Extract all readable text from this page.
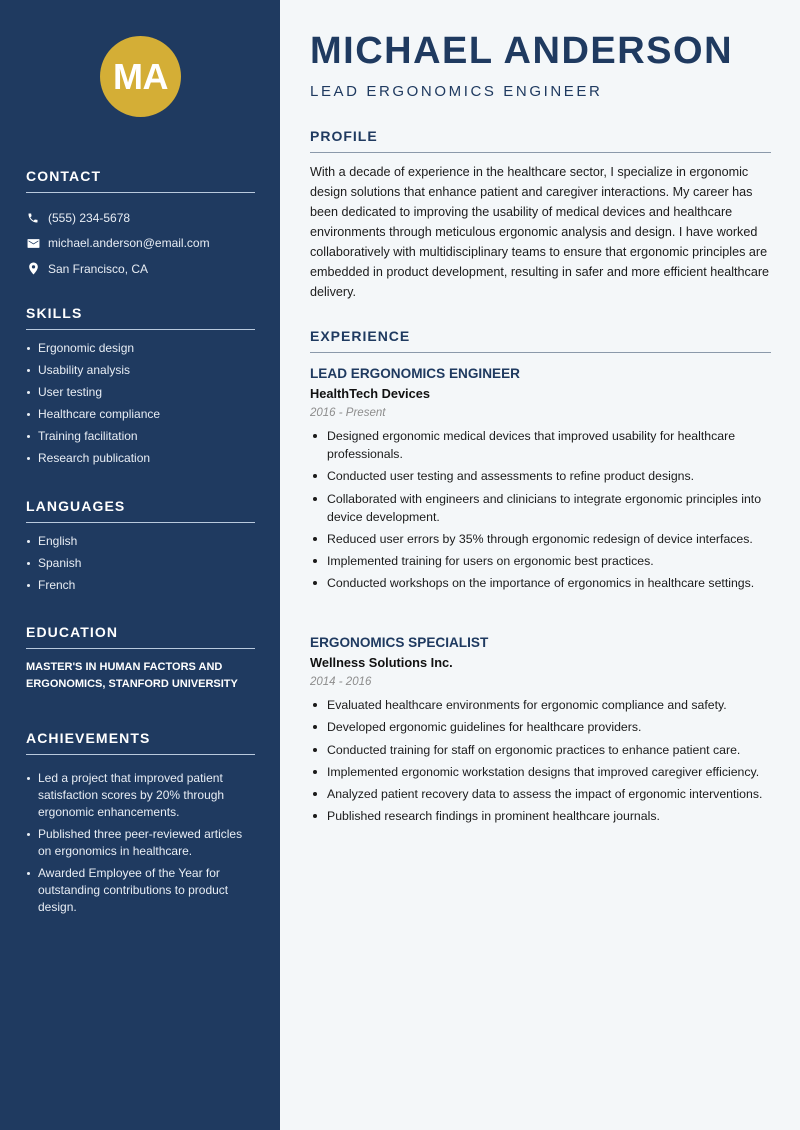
MA
CONTACT
(555) 234-5678
michael.anderson@email.com
San Francisco, CA
SKILLS
Ergonomic design
Usability analysis
User testing
Healthcare compliance
Training facilitation
Research publication
LANGUAGES
English
Spanish
French
EDUCATION

MASTER'S IN HUMAN FACTORS AND ERGONOMICS, STANFORD UNIVERSITY

ACHIEVEMENTS
Led a project that improved patient satisfaction scores by 20% through ergonomic enhancements.
Published three peer-reviewed articles on ergonomics in healthcare.
Awarded Employee of the Year for outstanding contributions to product design.
MICHAEL ANDERSON
LEAD ERGONOMICS ENGINEER
PROFILE

With a decade of experience in the healthcare sector, I specialize in ergonomic design solutions that enhance patient and caregiver interactions. My career has been dedicated to improving the usability of medical devices and healthcare environments through meticulous ergonomic analysis and design. I have worked collaboratively with multidisciplinary teams to ensure that ergonomic principles are embedded in product development, resulting in safer and more efficient healthcare delivery.

EXPERIENCE
LEAD ERGONOMICS ENGINEER
HealthTech Devices
2016 - Present
Designed ergonomic medical devices that improved usability for healthcare professionals.
Conducted user testing and assessments to refine product designs.
Collaborated with engineers and clinicians to integrate ergonomic principles into device development.
Reduced user errors by 35% through ergonomic redesign of device interfaces.
Implemented training for users on ergonomic best practices.
Conducted workshops on the importance of ergonomics in healthcare settings.
ERGONOMICS SPECIALIST
Wellness Solutions Inc.
2014 - 2016
Evaluated healthcare environments for ergonomic compliance and safety.
Developed ergonomic guidelines for healthcare providers.
Conducted training for staff on ergonomic practices to enhance patient care.
Implemented ergonomic workstation designs that improved caregiver efficiency.
Analyzed patient recovery data to assess the impact of ergonomic interventions.
Published research findings in prominent healthcare journals.
